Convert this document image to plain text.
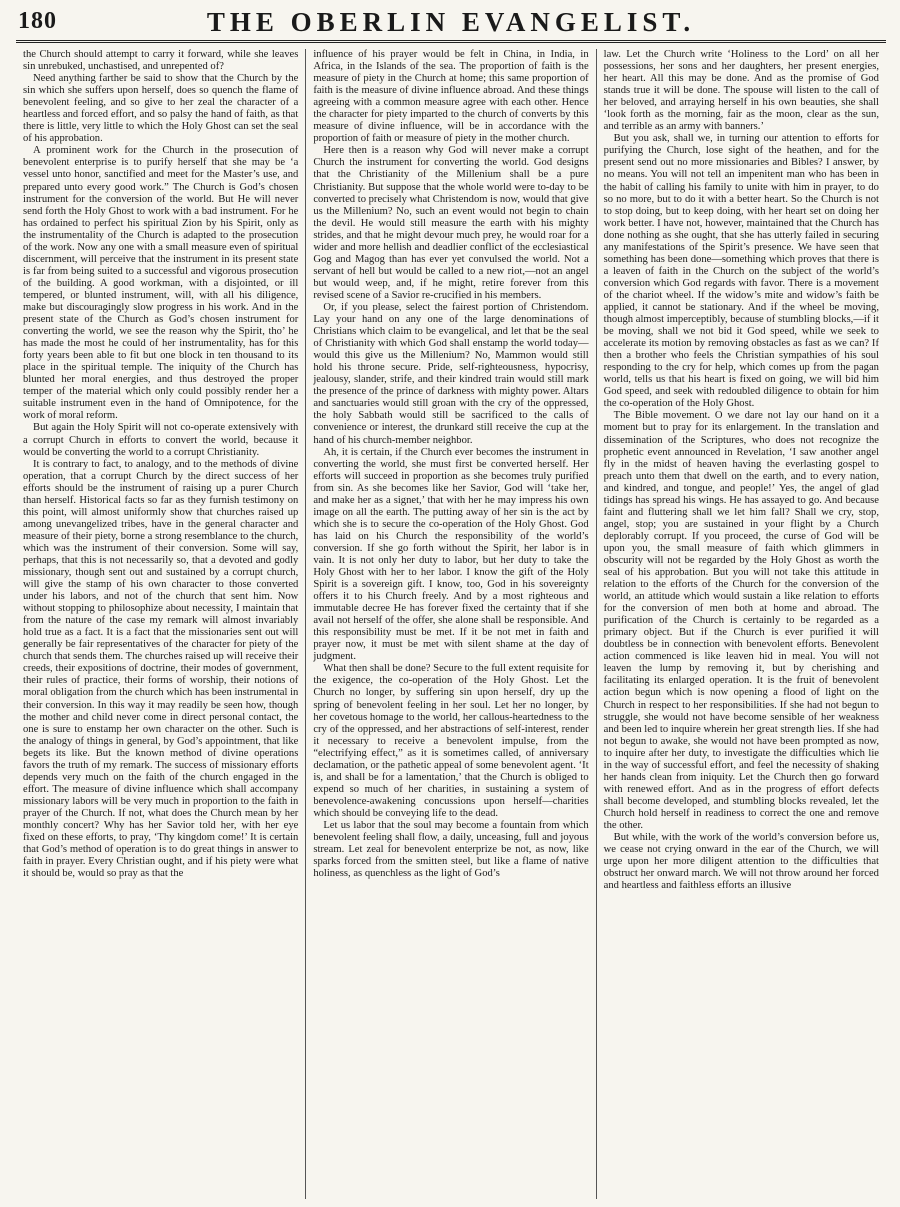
180	THE OBERLIN EVANGELIST.

the Church should attempt to carry it forward, while she leaves sin unrebuked, unchastised, and unrepented of?

Need anything farther be said to show that the Church by the sin which she suffers upon herself, does so quench the flame of benevolent feeling, and so give to her zeal the character of a heartless and forced effort, and so palsy the hand of faith, as that there is little, very little to which the Holy Ghost can set the seal of his approbation.

A prominent work for the Church in the prosecution of benevolent enterprise is to purify herself that she may be ‘a vessel unto honor, sanctified and meet for the Master’s use, and prepared unto every good work.” The Church is God’s chosen instrument for the conversion of the world. But He will never send forth the Holy Ghost to work with a bad instrument. For he has ordained to perfect his spiritual Zion by his Spirit, only as the instrumentality of the Church is adapted to the prosecution of the work. Now any one with a small measure even of spiritual discernment, will perceive that the instrument in its present state is far from being suited to a successful and vigorous prosecution of the building. A good workman, with a disjointed, or ill tempered, or blunted instrument, will, with all his diligence, make but discouragingly slow progress in his work. And in the present state of the Church as God’s chosen instrument for converting the world, we see the reason why the Spirit, tho’ he has made the most he could of her instrumentality, has for this forty years been able to fit but one block in ten thousand to its place in the spiritual temple. The iniquity of the Church has blunted her moral energies, and thus destroyed the proper temper of the material which only could possibly render her a suitable instrument even in the hand of Omnipotence, for the work of moral reform.

But again the Holy Spirit will not co-operate extensively with a corrupt Church in efforts to convert the world, because it would be converting the world to a corrupt Christianity.

It is contrary to fact, to analogy, and to the methods of divine operation, that a corrupt Church by the direct success of her efforts should be the instrument of raising up a purer Church than herself. Historical facts so far as they furnish testimony on this point, will almost uniformly show that churches raised up among unevangelized tribes, have in the general character and measure of their piety, borne a strong resemblance to the church, which was the instrument of their conversion. Some will say, perhaps, that this is not necessarily so, that a devoted and godly missionary, though sent out and sustained by a corrupt church, will give the stamp of his own character to those converted under his labors, and not of the church that sent him. Now without stopping to philosophize about necessity, I maintain that from the nature of the case my remark will almost invariably hold true as a fact. It is a fact that the missionaries sent out will generally be fair representatives of the character for piety of the church that sends them. The churches raised up will receive their creeds, their expositions of doctrine, their modes of government, their rules of practice, their forms of worship, their notions of moral obligation from the church which has been instrumental in their conversion. In this way it may readily be seen how, though the mother and child never come in direct personal contact, the one is sure to enstamp her own character on the other. Such is the analogy of things in general, by God’s appointment, that like begets its like. But the known method of divine operations favors the truth of my remark. The success of missionary efforts depends very much on the faith of the church engaged in the effort. The measure of divine influence which shall accompany missionary labors will be very much in proportion to the faith in prayer of the Church. If not, what does the Church mean by her monthly concert? Why has her Savior told her, with her eye fixed on these efforts, to pray, ‘Thy kingdom come!’ It is certain that God’s method of operation is to do great things in answer to faith in prayer. Every Christian ought, and if his piety were what it should be, would so pray as that the

influence of his prayer would be felt in China, in India, in Africa, in the Islands of the sea. The proportion of faith is the measure of piety in the Church at home; this same proportion of faith is the measure of divine influence abroad. And these things agreeing with a common measure agree with each other. Hence the character for piety imparted to the church of converts by this measure of divine influence, will be in accordance with the proportion of faith or measure of piety in the mother church.

Here then is a reason why God will never make a corrupt Church the instrument for converting the world. God designs that the Christianity of the Millenium shall be a pure Christianity. But suppose that the whole world were to-day to be converted to precisely what Christendom is now, would that give us the Millenium? No, such an event would not begin to chain the devil. He would still measure the earth with his mighty strides, and that he might devour much prey, he would roar for a wider and more hellish and deadlier conflict of the ecclesiastical Gog and Magog than has ever yet convulsed the world. Not a servant of hell but would be called to a new riot,—not an angel but would weep, and, if he might, retire forever from this revised scene of a Savior re-crucified in his members.

Or, if you please, select the fairest portion of Christendom. Lay your hand on any one of the large denominations of Christians which claim to be evangelical, and let that be the seal of Christianity with which God shall enstamp the world today—would this give us the Millenium? No, Mammon would still hold his throne secure. Pride, self-righteousness, hypocrisy, jealousy, slander, strife, and their kindred train would still mark the presence of the prince of darkness with mighty power. Altars and sanctuaries would still groan with the cry of the oppressed, the holy Sabbath would still be sacrificed to the calls of convenience or interest, the drunkard still receive the cup at the hand of his church-member neighbor.

Ah, it is certain, if the Church ever becomes the instrument in converting the world, she must first be converted herself. Her efforts will succeed in proportion as she becomes truly purified from sin. As she becomes like her Savior, God will ‘take her, and make her as a signet,’ that with her he may impress his own image on all the earth. The putting away of her sin is the act by which she is to secure the co-operation of the Holy Ghost. God has laid on his Church the responsibility of the world’s conversion. If she go forth without the Spirit, her labor is in vain. It is not only her duty to labor, but her duty to take the Holy Ghost with her to her labor. I know the gift of the Holy Spirit is a sovereign gift. I know, too, God in his sovereignty offers it to his Church freely. And by a most righteous and immutable decree He has forever fixed the certainty that if she avail not herself of the offer, she alone shall be responsible. And this responsibility must be met. If it be not met in faith and prayer now, it must be met with silent shame at the day of judgment.

What then shall be done? Secure to the full extent requisite for the exigence, the co-operation of the Holy Ghost. Let the Church no longer, by suffering sin upon herself, dry up the spring of benevolent feeling in her soul. Let her no longer, by her covetous homage to the world, her callous-heartedness to the cry of the oppressed, and her abstractions of self-interest, render it necessary to receive a benevolent impulse, from the “electrifying effect,” as it is sometimes called, of anniversary declamation, or the pathetic appeal of some benevolent agent. ‘It is, and shall be for a lamentation,’ that the Church is obliged to expend so much of her charities, in sustaining a system of benevolence-awakening concussions upon herself—charities which should be conveying life to the dead.

Let us labor that the soul may become a fountain from which benevolent feeling shall flow, a daily, unceasing, full and joyous stream. Let zeal for benevolent enterprize be not, as now, like sparks forced from the smitten steel, but like a flame of native holiness, as quenchless as the light of God’s

law. Let the Church write ‘Holiness to the Lord’ on all her possessions, her sons and her daughters, her present energies, her heart. All this may be done. And as the promise of God stands true it will be done. The spouse will listen to the call of her beloved, and arraying herself in his own beauties, she shall ‘look forth as the morning, fair as the moon, clear as the sun, and terrible as an army with banners.’

But you ask, shall we, in turning our attention to efforts for purifying the Church, lose sight of the heathen, and for the present send out no more missionaries and Bibles? I answer, by no means. You will not tell an impenitent man who has been in the habit of calling his family to unite with him in prayer, to do so no more, but to do it with a better heart. So the Church is not to stop doing, but to keep doing, with her heart set on doing her work better. I have not, however, maintained that the Church has done nothing as she ought, that she has utterly failed in securing any manifestations of the Spirit’s presence. We have seen that something has been done—something which proves that there is a leaven of faith in the Church on the subject of the world’s conversion which God regards with favor. There is a movement of the chariot wheel. If the widow’s mite and widow’s faith be applied, it cannot be stationary. And if the wheel be moving, though almost imperceptibly, because of stumbling blocks,—if it be moving, shall we not bid it God speed, while we seek to accelerate its motion by removing obstacles as fast as we can? If then a brother who feels the Christian sympathies of his soul responding to the cry for help, which comes up from the pagan world, tells us that his heart is fixed on going, we will bid him God speed, and seek with redoubled diligence to obtain for him the co-operation of the Holy Ghost.

The Bible movement. O we dare not lay our hand on it a moment but to pray for its enlargement. In the translation and dissemination of the Scriptures, who does not recognize the prophetic event announced in Revelation, ‘I saw another angel fly in the midst of heaven having the everlasting gospel to preach unto them that dwell on the earth, and to every nation, and kindred, and tongue, and people!’ Yes, the angel of glad tidings has spread his wings. He has assayed to go. And because faint and fluttering shall we let him fall? Shall we cry, stop, angel, stop; you are sustained in your flight by a Church deplorably corrupt. If you proceed, the curse of God will be upon you, the small measure of faith which glimmers in obscurity will not be regarded by the Holy Ghost as worth the seal of his approbation. But you will not take this attitude in relation to the efforts of the Church for the conversion of the world, an attitude which would sustain a like relation to efforts for the conversion of men both at home and abroad. The purification of the Church is certainly to be regarded as a primary object. But if the Church is ever purified it will doubtless be in connection with benevolent efforts. Benevolent action commenced is like leaven hid in meal. You will not leaven the lump by removing it, but by cherishing and facilitating its enlarged operation. It is the fruit of benevolent action begun which is now opening a flood of light on the Church in respect to her responsibilities. If she had not begun to struggle, she would not have become sensible of her weakness and been led to inquire wherein her great strength lies. If she had not begun to awake, she would not have been prompted as now, to inquire after her duty, to investigate the difficulties which lie in the way of successful effort, and feel the necessity of shaking her hands clean from iniquity. Let the Church then go forward with renewed effort. And as in the progress of effort defects shall become developed, and stumbling blocks revealed, let the Church hold herself in readiness to correct the one and remove the other.

But while, with the work of the world’s conversion before us, we cease not crying onward in the ear of the Church, we will urge upon her more diligent attention to the difficulties that obstruct her onward march. We will not throw around her forced and heartless and faithless efforts an illusive
